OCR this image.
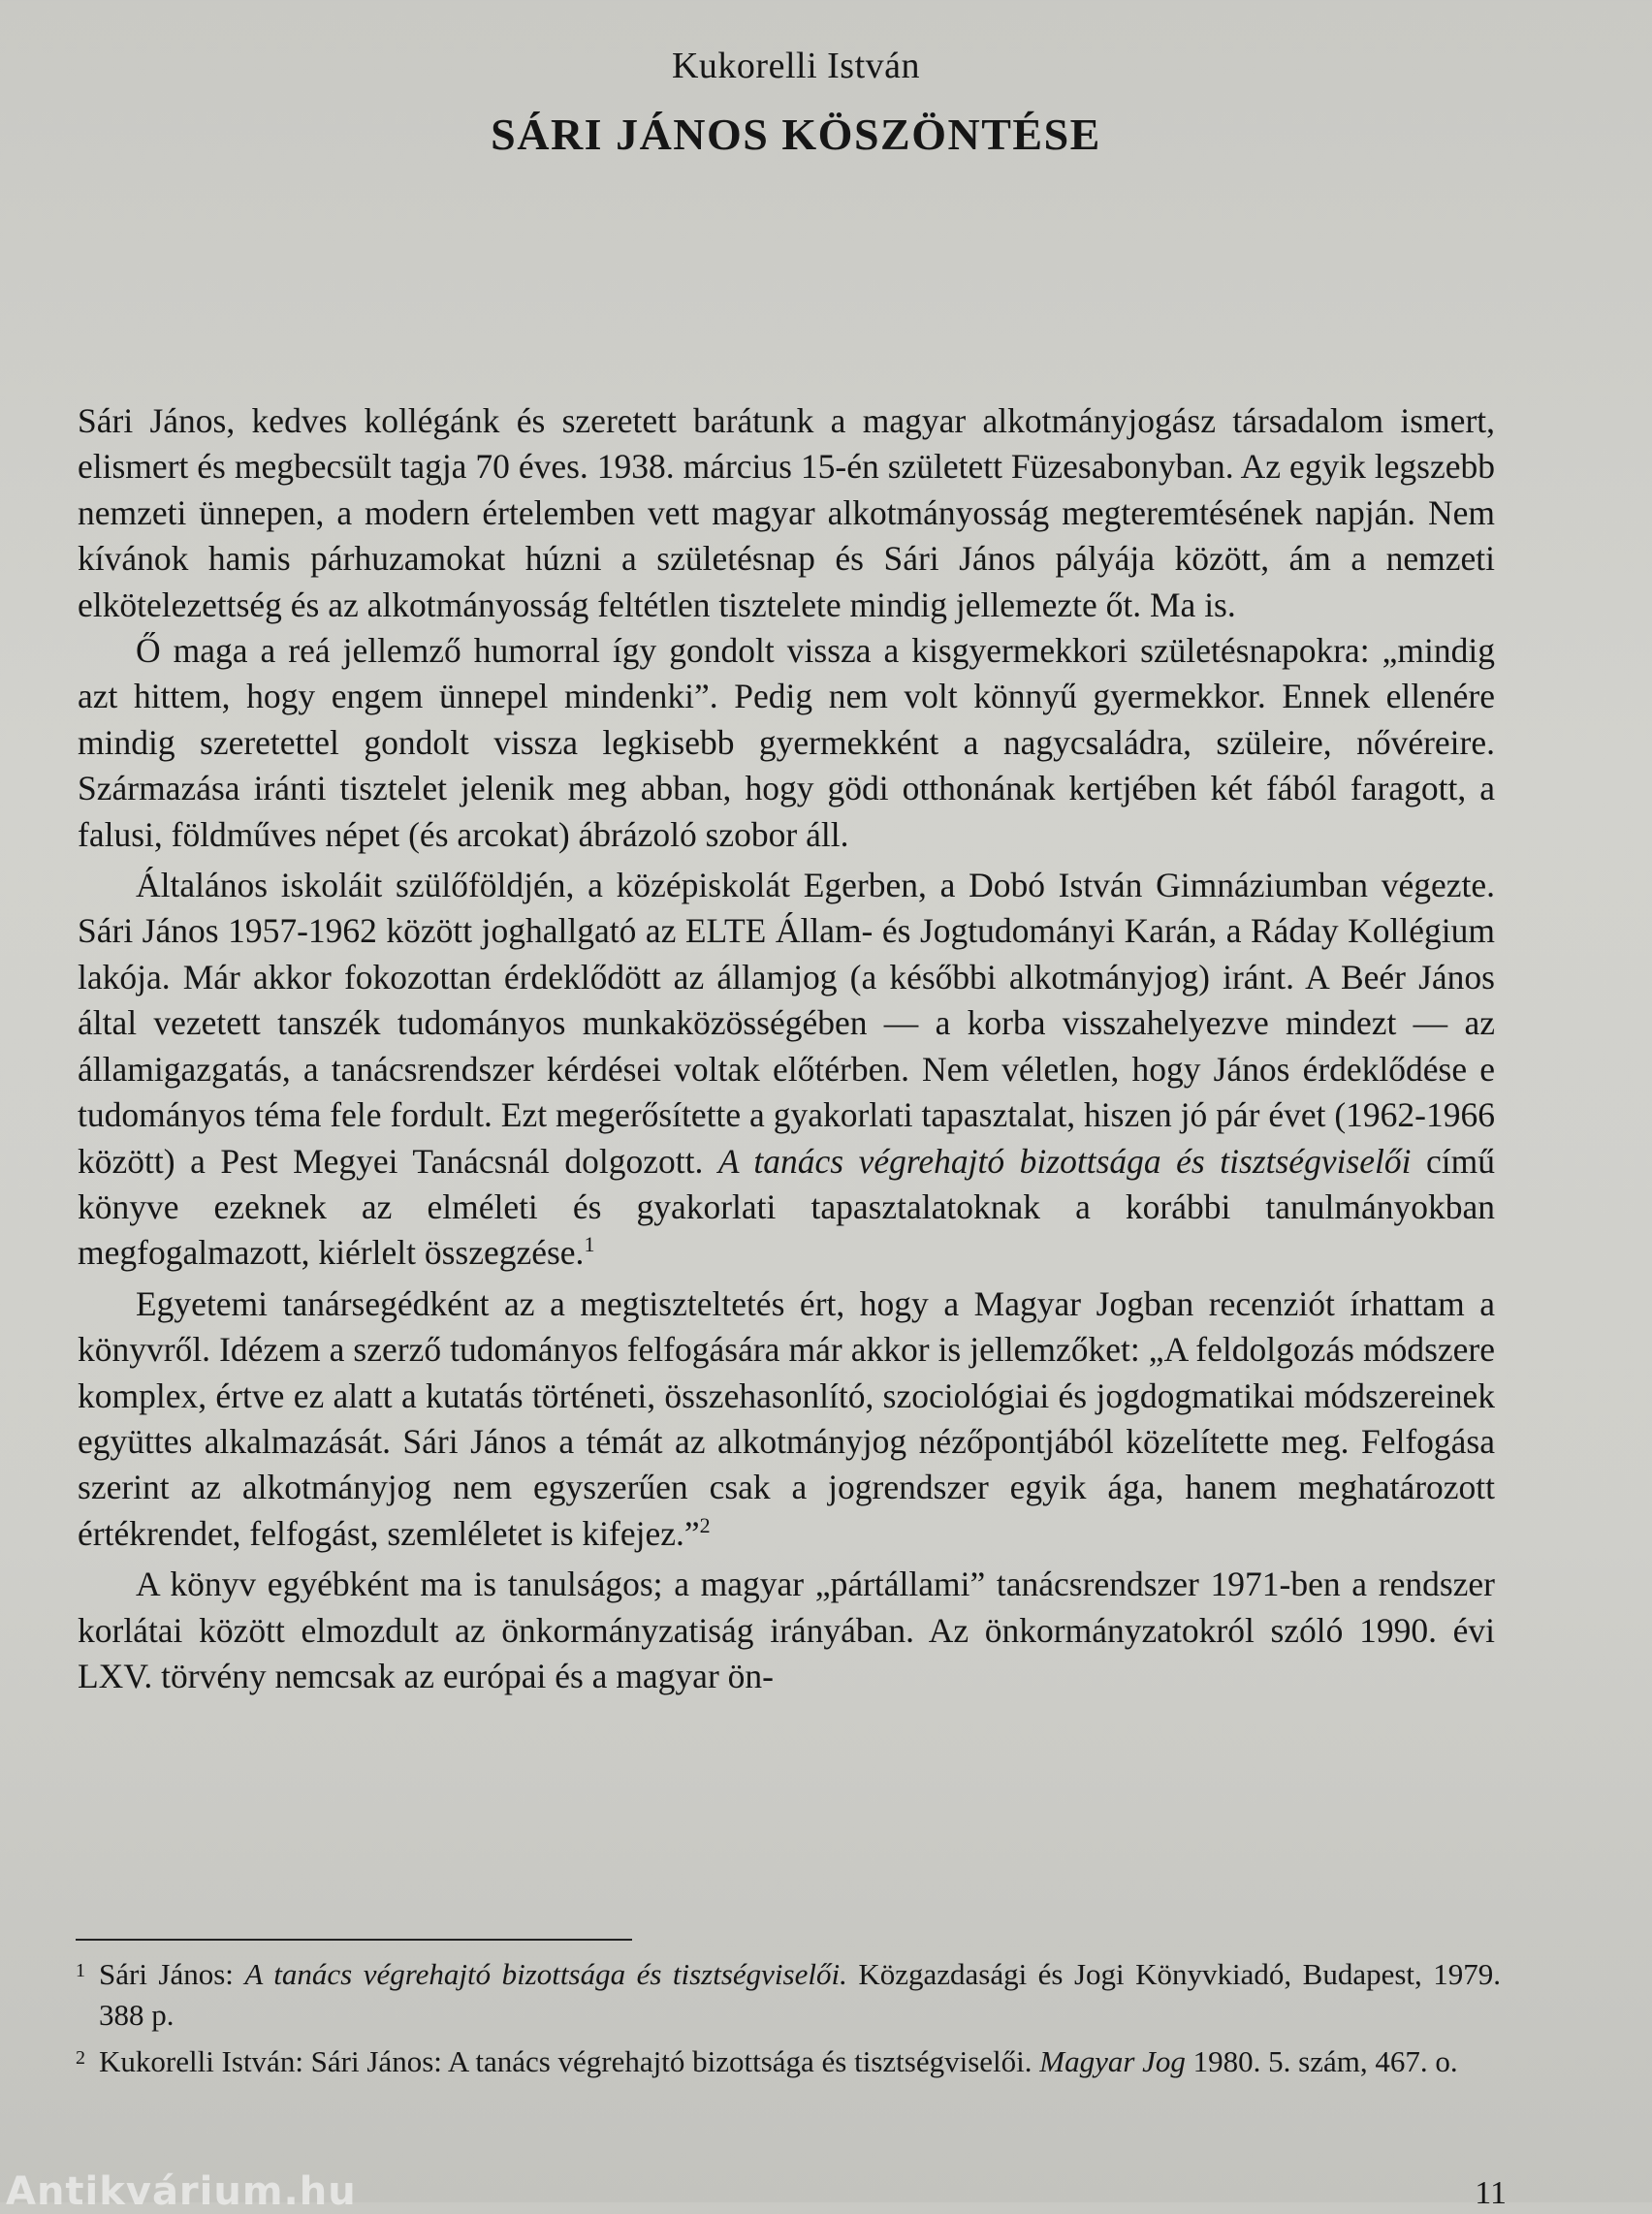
Kukorelli István
SÁRI JÁNOS KÖSZÖNTÉSE

Sári János, kedves kollégánk és szeretett barátunk a magyar alkotmányjogász társadalom ismert, elismert és megbecsült tagja 70 éves. 1938. március 15-én született Füzesabonyban. Az egyik legszebb nemzeti ünnepen, a modern értelemben vett magyar alkotmányosság megteremtésének napján. Nem kívánok hamis párhuzamokat húzni a születésnap és Sári János pályája között, ám a nemzeti elkötelezettség és az alkotmányosság feltétlen tisztelete mindig jellemezte őt. Ma is.

Ő maga a reá jellemző humorral így gondolt vissza a kisgyermekkori születésnapokra: „mindig azt hittem, hogy engem ünnepel mindenki”. Pedig nem volt könnyű gyermekkor. Ennek ellenére mindig szeretettel gondolt vissza legkisebb gyermekként a nagycsaládra, szüleire, nővéreire. Származása iránti tisztelet jelenik meg abban, hogy gödi otthonának kertjében két fából faragott, a falusi, földműves népet (és arcokat) ábrázoló szobor áll.

Általános iskoláit szülőföldjén, a középiskolát Egerben, a Dobó István Gimnáziumban végezte. Sári János 1957-1962 között joghallgató az ELTE Állam- és Jogtudományi Karán, a Ráday Kollégium lakója. Már akkor fokozottan érdeklődött az államjog (a későbbi alkotmányjog) iránt. A Beér János által vezetett tanszék tudományos munkaközösségében — a korba visszahelyezve mindezt — az államigazgatás, a tanácsrendszer kérdései voltak előtérben. Nem véletlen, hogy János érdeklődése e tudományos téma fele fordult. Ezt megerősítette a gyakorlati tapasztalat, hiszen jó pár évet (1962-1966 között) a Pest Megyei Tanácsnál dolgozott. A tanács végrehajtó bizottsága és tisztségviselői című könyve ezeknek az elméleti és gyakorlati tapasztalatoknak a korábbi tanulmányokban megfogalmazott, kiérlelt összegzése.$^1$

Egyetemi tanársegédként az a megtiszteltetés ért, hogy a Magyar Jogban recenziót írhattam a könyvről. Idézem a szerző tudományos felfogására már akkor is jellemzőket: „A feldolgozás módszere komplex, értve ez alatt a kutatás történeti, összehasonlító, szociológiai és jogdogmatikai módszereinek együttes alkalmazását. Sári János a témát az alkotmányjog nézőpontjából közelítette meg. Felfogása szerint az alkotmányjog nem egyszerűen csak a jogrendszer egyik ága, hanem meghatározott értékrendet, felfogást, szemléletet is kifejez.”$^2$

A könyv egyébként ma is tanulságos; a magyar „pártállami” tanácsrendszer 1971-ben a rendszer korlátai között elmozdult az önkormányzatiság irányában. Az önkormányzatokról szóló 1990. évi LXV. törvény nemcsak az európai és a magyar ön-

1 Sári János: A tanács végrehajtó bizottsága és tisztségviselői. Közgazdasági és Jogi Könyvkiadó, Budapest, 1979. 388 p.
2 Kukorelli István: Sári János: A tanács végrehajtó bizottsága és tisztségviselői. Magyar Jog 1980. 5. szám, 467. o.
11
Antikvárium.hu
